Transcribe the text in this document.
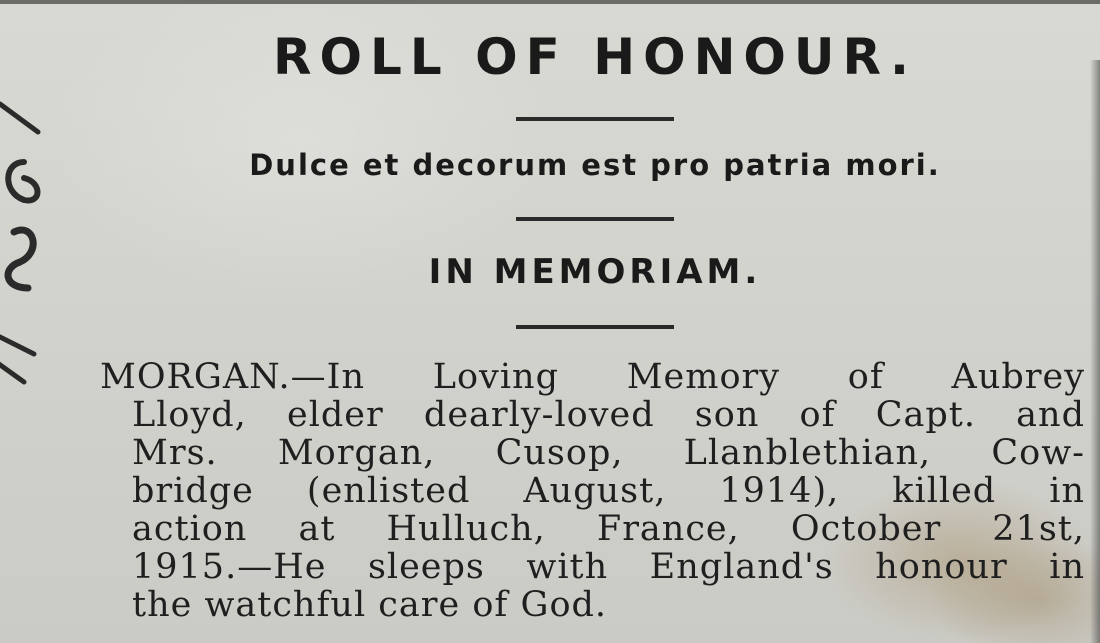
ROLL OF HONOUR.
Dulce et decorum est pro patria mori.
IN MEMORIAM.
MORGAN.—In Loving Memory of Aubrey
Lloyd, elder dearly-loved son of Capt. and
Mrs. Morgan, Cusop, Llanblethian, Cow-
bridge (enlisted August, 1914), killed in
action at Hulluch, France, October 21st,
1915.—He sleeps with England's honour in
the watchful care of God.
